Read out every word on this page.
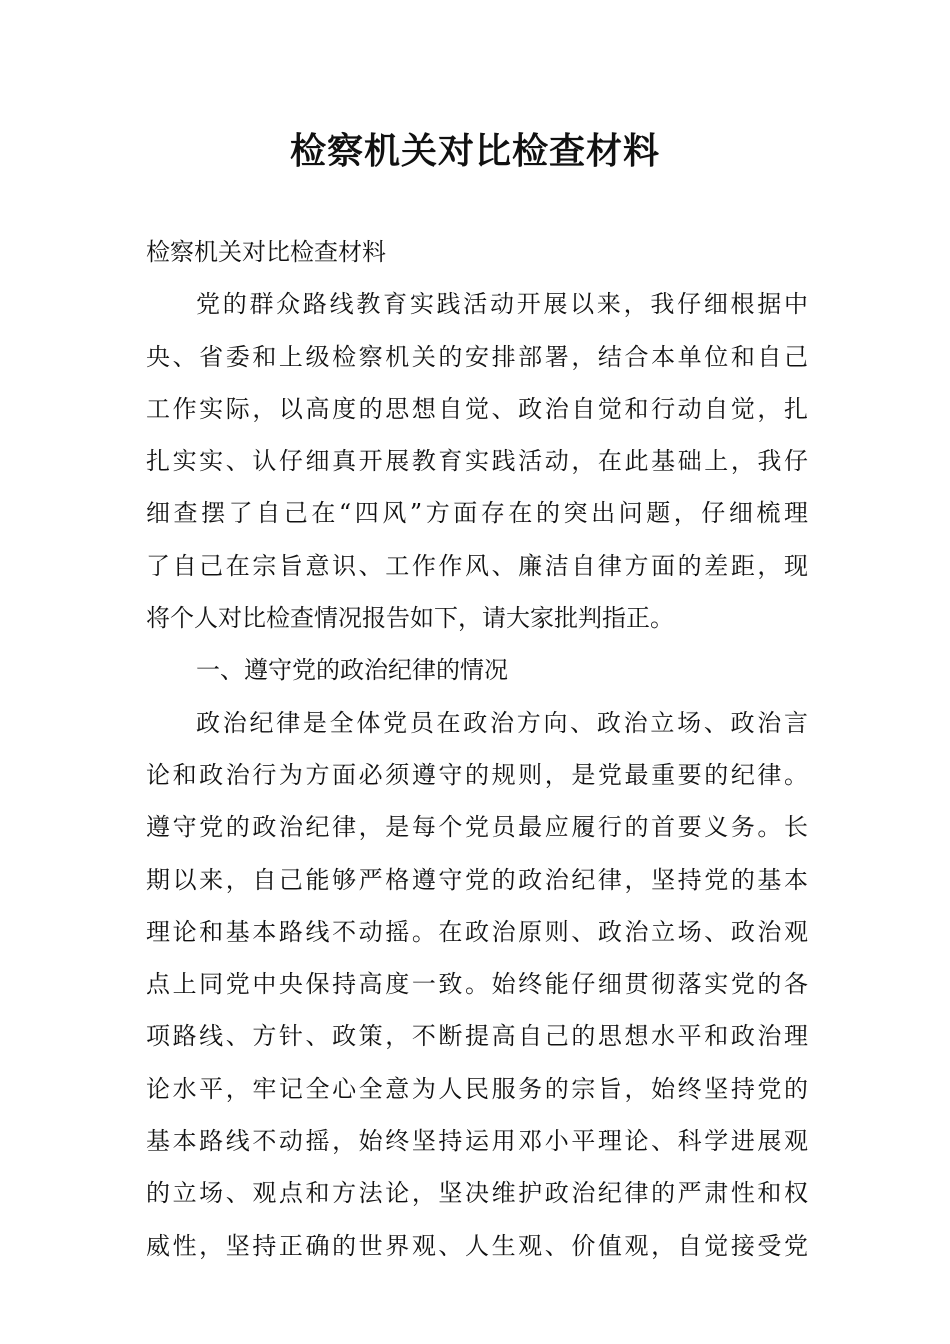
检察机关对比检查材料
检察机关对比检查材料
党的群众路线教育实践活动开展以来，我仔细根据中
央、省委和上级检察机关的安排部署，结合本单位和自己
工作实际，以高度的思想自觉、政治自觉和行动自觉，扎
扎实实、认仔细真开展教育实践活动，在此基础上，我仔
细查摆了自己在“四风”方面存在的突出问题，仔细梳理
了自己在宗旨意识、工作作风、廉洁自律方面的差距，现
将个人对比检查情况报告如下，请大家批判指正。
一、遵守党的政治纪律的情况
政治纪律是全体党员在政治方向、政治立场、政治言
论和政治行为方面必须遵守的规则，是党最重要的纪律。
遵守党的政治纪律，是每个党员最应履行的首要义务。长
期以来，自己能够严格遵守党的政治纪律，坚持党的基本
理论和基本路线不动摇。在政治原则、政治立场、政治观
点上同党中央保持高度一致。始终能仔细贯彻落实党的各
项路线、方针、政策，不断提高自己的思想水平和政治理
论水平，牢记全心全意为人民服务的宗旨，始终坚持党的
基本路线不动摇，始终坚持运用邓小平理论、科学进展观
的立场、观点和方法论，坚决维护政治纪律的严肃性和权
威性，坚持正确的世界观、人生观、价值观，自觉接受党
